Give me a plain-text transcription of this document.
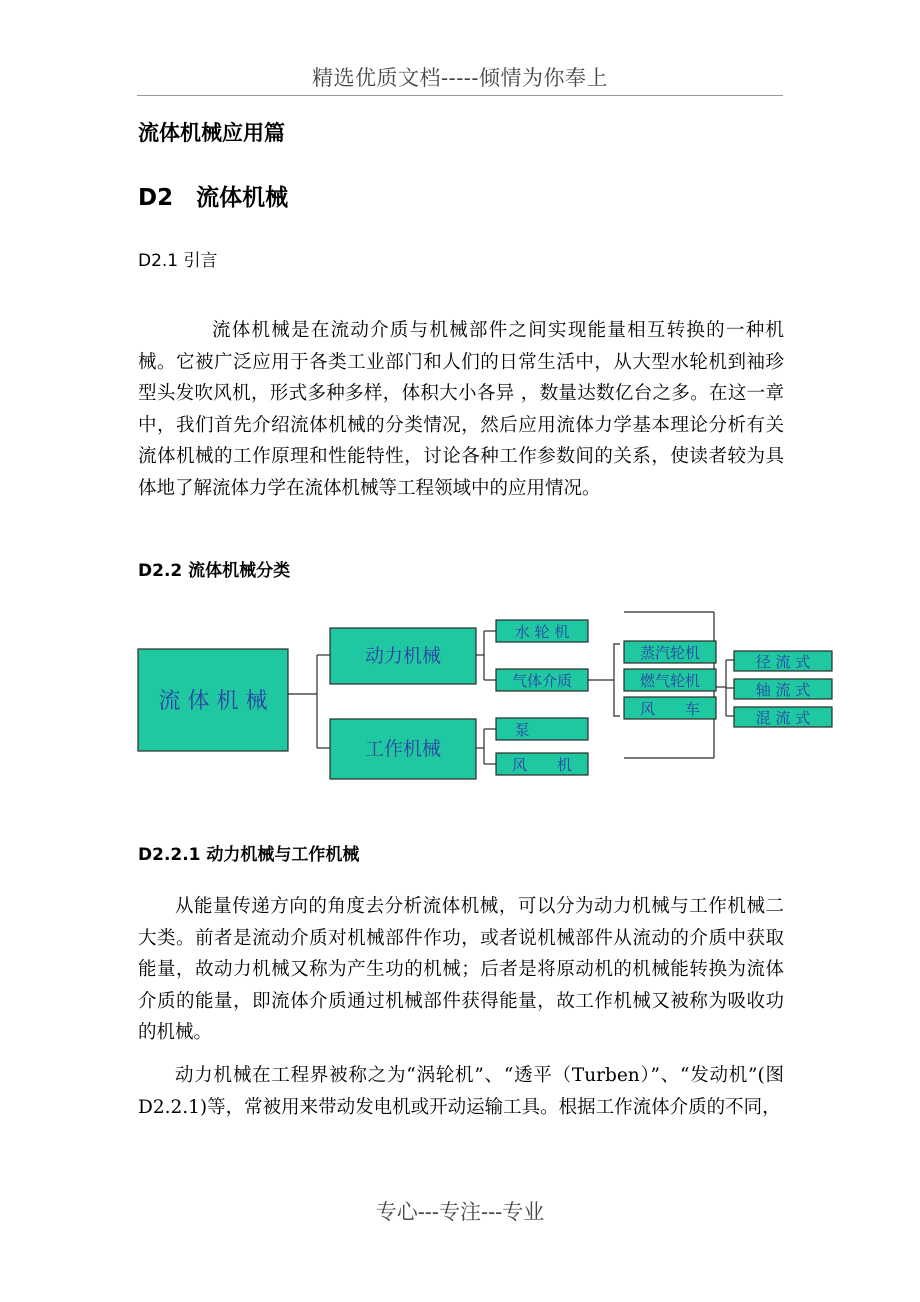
精选优质文档-----倾情为你奉上
流体机械应用篇
D2　流体机械
D2.1 引言
流体机械是在流动介质与机械部件之间实现能量相互转换的一种机械。它被广泛应用于各类工业部门和人们的日常生活中，从大型水轮机到袖珍型头发吹风机，形式多种多样，体积大小各异 ，数量达数亿台之多。在这一章中，我们首先介绍流体机械的分类情况，然后应用流体力学基本理论分析有关流体机械的工作原理和性能特性，讨论各种工作参数间的关系，使读者较为具体地了解流体力学在流体机械等工程领域中的应用情况。
D2.2 流体机械分类
流 体 机 械
动力机械
工作机械
水 轮 机
气体介质
泵
风　　机
蒸汽轮机
燃气轮机
风　　车
径 流 式
轴 流 式
混 流 式
D2.2.1 动力机械与工作机械
从能量传递方向的角度去分析流体机械，可以分为动力机械与工作机械二大类。前者是流动介质对机械部件作功，或者说机械部件从流动的介质中获取能量，故动力机械又称为产生功的机械；后者是将原动机的机械能转换为流体介质的能量，即流体介质通过机械部件获得能量，故工作机械又被称为吸收功的机械。
动力机械在工程界被称之为“涡轮机”、“透平（Turben）”、“发动机”(图D2.2.1)等，常被用来带动发电机或开动运输工具。根据工作流体介质的不同，
专心---专注---专业
